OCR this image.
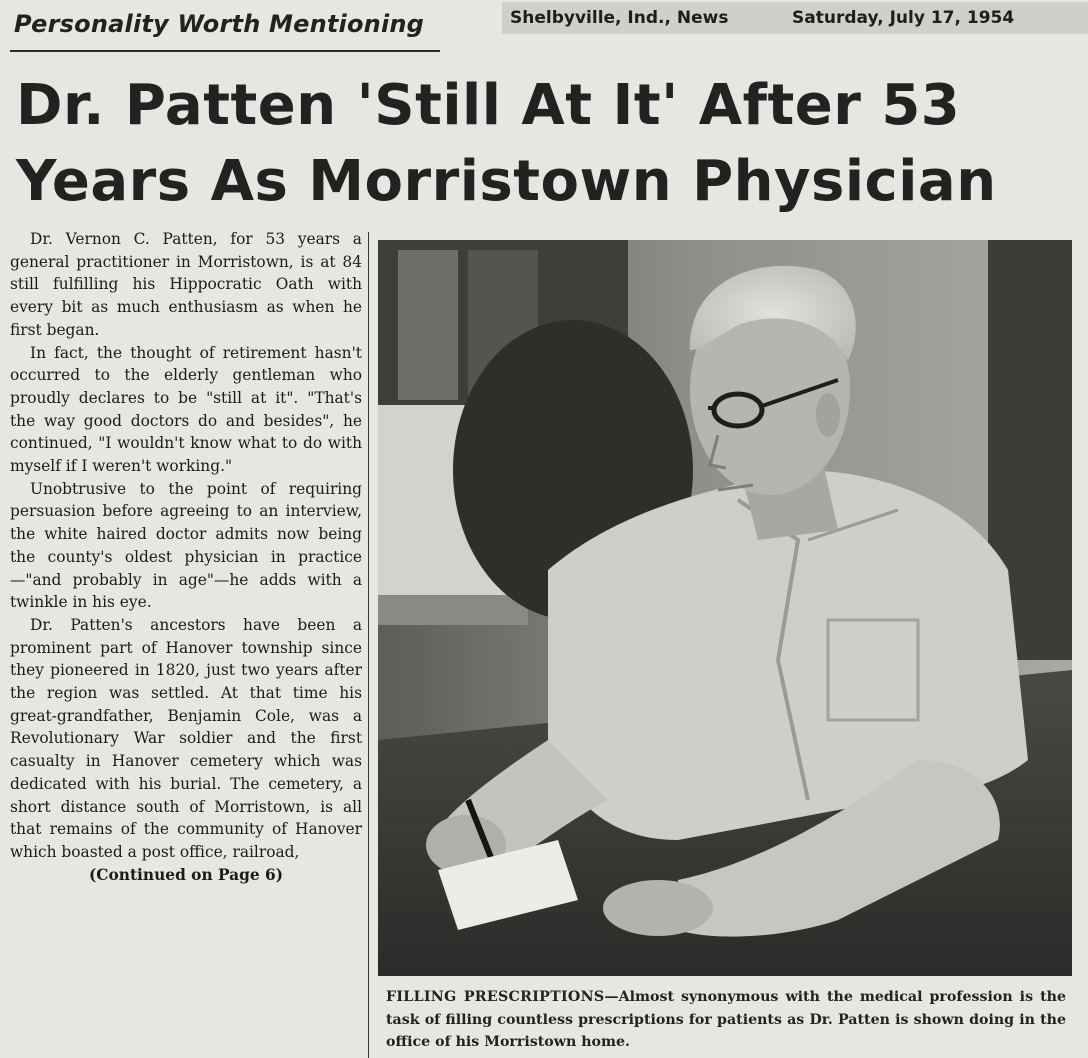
Personality Worth Mentioning	Shelbyville, Ind., News	Saturday, July 17, 1954
Dr. Patten 'Still At It' After 53
Years As Morristown Physician

Dr. Vernon C. Patten, for 53 years a general practitioner in Morristown, is at 84 still fulfilling his Hippocratic Oath with every bit as much enthusiasm as when he first began.

In fact, the thought of retirement hasn't occurred to the elderly gentleman who proudly declares to be "still at it". "That's the way good doctors do and besides", he continued, "I wouldn't know what to do with myself if I weren't working."

Unobtrusive to the point of requiring persuasion before agreeing to an interview, the white haired doctor admits now being the county's oldest physician in practice—"and probably in age"—he adds with a twinkle in his eye.

Dr. Patten's ancestors have been a prominent part of Hanover township since they pioneered in 1820, just two years after the region was settled. At that time his great-grandfather, Benjamin Cole, was a Revolutionary War soldier and the first casualty in Hanover cemetery which was dedicated with his burial. The cemetery, a short distance south of Morristown, is all that remains of the community of Hanover which boasted a post office, railroad,

(Continued on Page 6)

FILLING PRESCRIPTIONS—Almost synonymous with the medical profession is the task of filling countless prescriptions for patients as Dr. Patten is shown doing in the office of his Morristown home.
